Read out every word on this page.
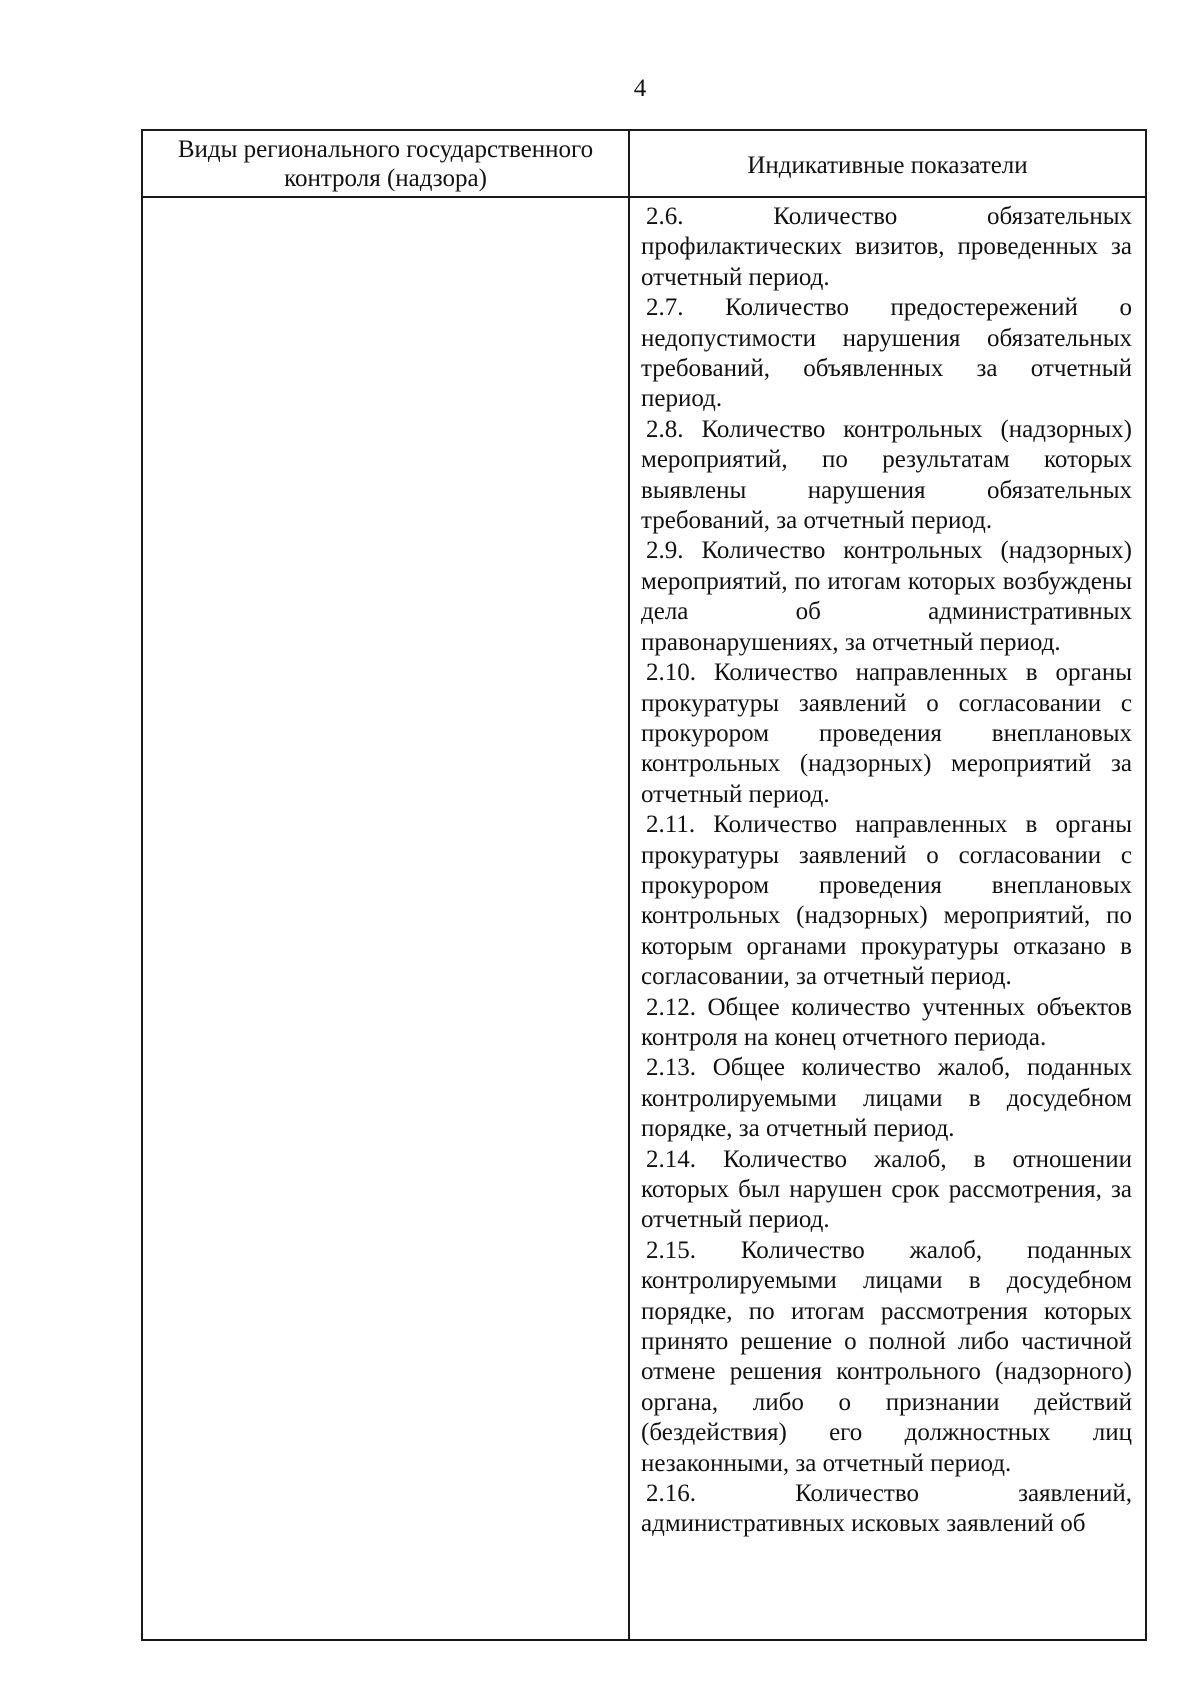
4
Виды регионального государственного контроля (надзора)	Индикативные показатели

2.6. Количество обязательных профилактических визитов, проведенных за отчетный период.

2.7. Количество предостережений о недопустимости нарушения обязательных требований, объявленных за отчетный период.

2.8. Количество контрольных (надзорных) мероприятий, по результатам которых выявлены нарушения обязательных требований, за отчетный период.

2.9. Количество контрольных (надзорных) мероприятий, по итогам которых возбуждены дела об административных правонарушениях, за отчетный период.

2.10. Количество направленных в органы прокуратуры заявлений о согласовании с прокурором проведения внеплановых контрольных (надзорных) мероприятий за отчетный период.

2.11. Количество направленных в органы прокуратуры заявлений о согласовании с прокурором проведения внеплановых контрольных (надзорных) мероприятий, по которым органами прокуратуры отказано в согласовании, за отчетный период.

2.12. Общее количество учтенных объектов контроля на конец отчетного периода.

2.13. Общее количество жалоб, поданных контролируемыми лицами в досудебном порядке, за отчетный период.

2.14. Количество жалоб, в отношении которых был нарушен срок рассмотрения, за отчетный период.

2.15. Количество жалоб, поданных контролируемыми лицами в досудебном порядке, по итогам рассмотрения которых принято решение о полной либо частичной отмене решения контрольного (надзорного) органа, либо о признании действий (бездействия) его должностных лиц незаконными, за отчетный период.

2.16. Количество заявлений, административных исковых заявлений об
